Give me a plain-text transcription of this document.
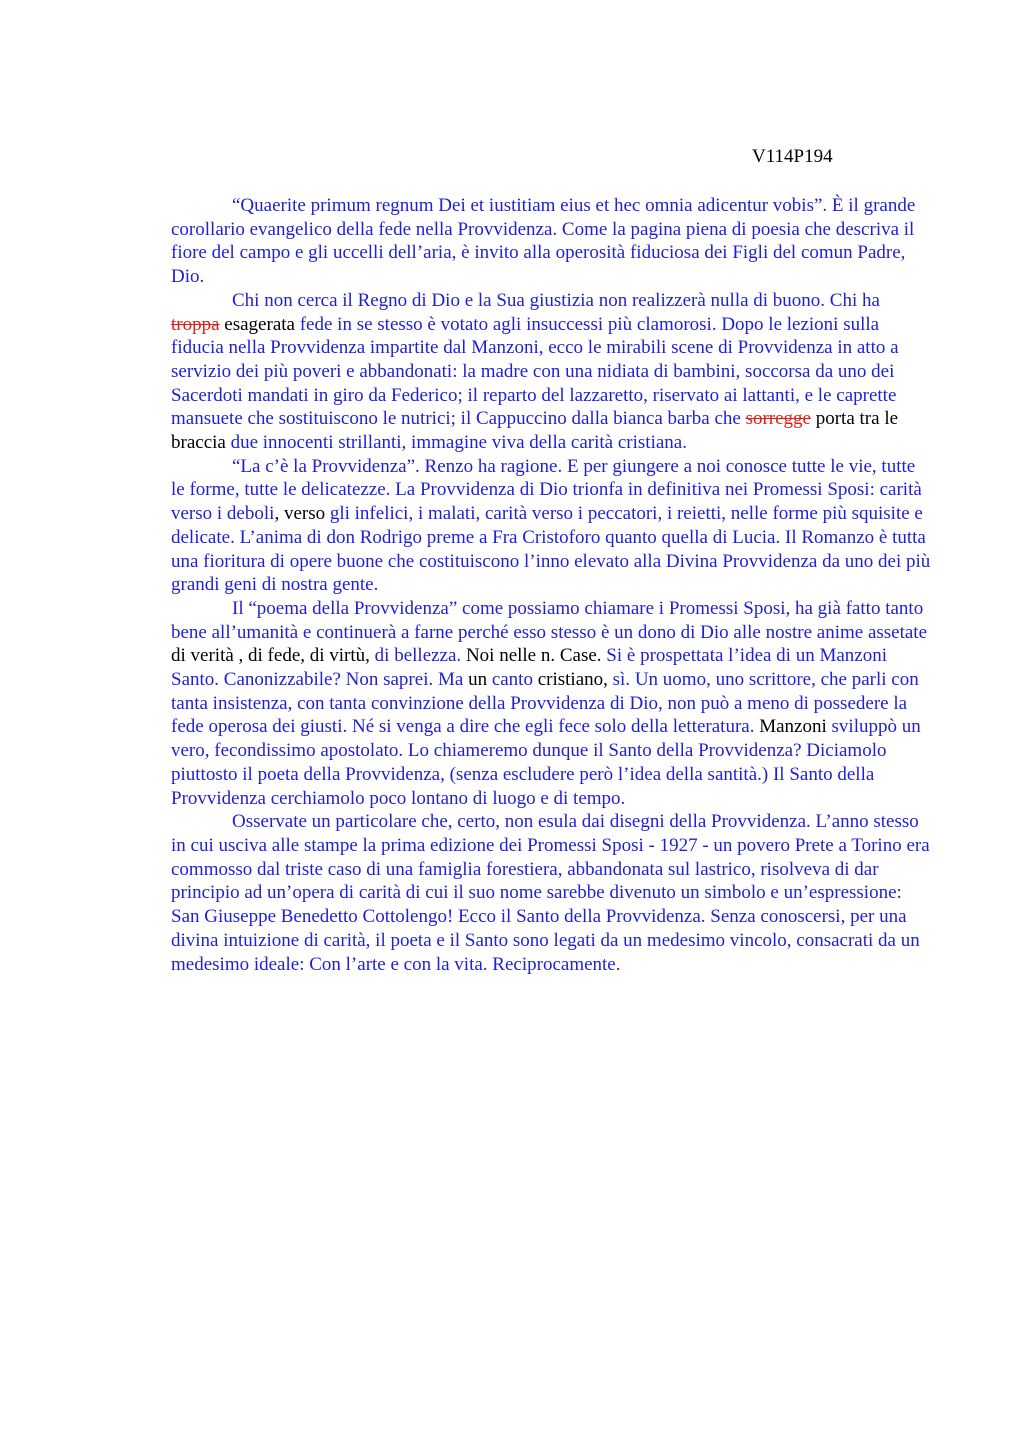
V114P194

“Quaerite primum regnum Dei et iustitiam eius et hec omnia adicentur vobis”. È il grande corollario evangelico della fede nella Provvidenza. Come la pagina piena di poesia che descriva il fiore del campo e gli uccelli dell’aria, è invito alla operosità fiduciosa dei Figli del comun Padre, Dio.

Chi non cerca il Regno di Dio e la Sua giustizia non realizzerà nulla di buono. Chi ha troppa esagerata fede in se stesso è votato agli insuccessi più clamorosi. Dopo le lezioni sulla fiducia nella Provvidenza impartite dal Manzoni, ecco le mirabili scene di Provvidenza in atto a servizio dei più poveri e abbandonati: la madre con una nidiata di bambini, soccorsa da uno dei Sacerdoti mandati in giro da Federico; il reparto del lazzaretto, riservato ai lattanti, e le caprette mansuete che sostituiscono le nutrici; il Cappuccino dalla bianca barba che sorregge porta tra le braccia due innocenti strillanti, immagine viva della carità cristiana.

“La c’è la Provvidenza”. Renzo ha ragione. E per giungere a noi conosce tutte le vie, tutte le forme, tutte le delicatezze. La Provvidenza di Dio trionfa in definitiva nei Promessi Sposi: carità verso i deboli, verso gli infelici, i malati, carità verso i peccatori, i reietti, nelle forme più squisite e delicate. L’anima di don Rodrigo preme a Fra Cristoforo quanto quella di Lucia. Il Romanzo è tutta una fioritura di opere buone che costituiscono l’inno elevato alla Divina Provvidenza da uno dei più grandi geni di nostra gente.

Il “poema della Provvidenza” come possiamo chiamare i Promessi Sposi, ha già fatto tanto bene all’umanità e continuerà a farne perché esso stesso è un dono di Dio alle nostre anime assetate di verità , di fede, di virtù, di bellezza. Noi nelle n. Case. Si è prospettata l’idea di un Manzoni Santo. Canonizzabile? Non saprei. Ma un canto cristiano, sì. Un uomo, uno scrittore, che parli con tanta insistenza, con tanta convinzione della Provvidenza di Dio, non può a meno di possedere la fede operosa dei giusti. Né si venga a dire che egli fece solo della letteratura. Manzoni sviluppò un vero, fecondissimo apostolato. Lo chiameremo dunque il Santo della Provvidenza? Diciamolo piuttosto il poeta della Provvidenza, (senza escludere però l’idea della santità.) Il Santo della Provvidenza cerchiamolo poco lontano di luogo e di tempo.

Osservate un particolare che, certo, non esula dai disegni della Provvidenza. L’anno stesso in cui usciva alle stampe la prima edizione dei Promessi Sposi - 1927 - un povero Prete a Torino era commosso dal triste caso di una famiglia forestiera, abbandonata sul lastrico, risolveva di dar principio ad un’opera di carità di cui il suo nome sarebbe divenuto un simbolo e un’espressione: San Giuseppe Benedetto Cottolengo! Ecco il Santo della Provvidenza. Senza conoscersi, per una divina intuizione di carità, il poeta e il Santo sono legati da un medesimo vincolo, consacrati da un medesimo ideale: Con l’arte e con la vita. Reciprocamente.
